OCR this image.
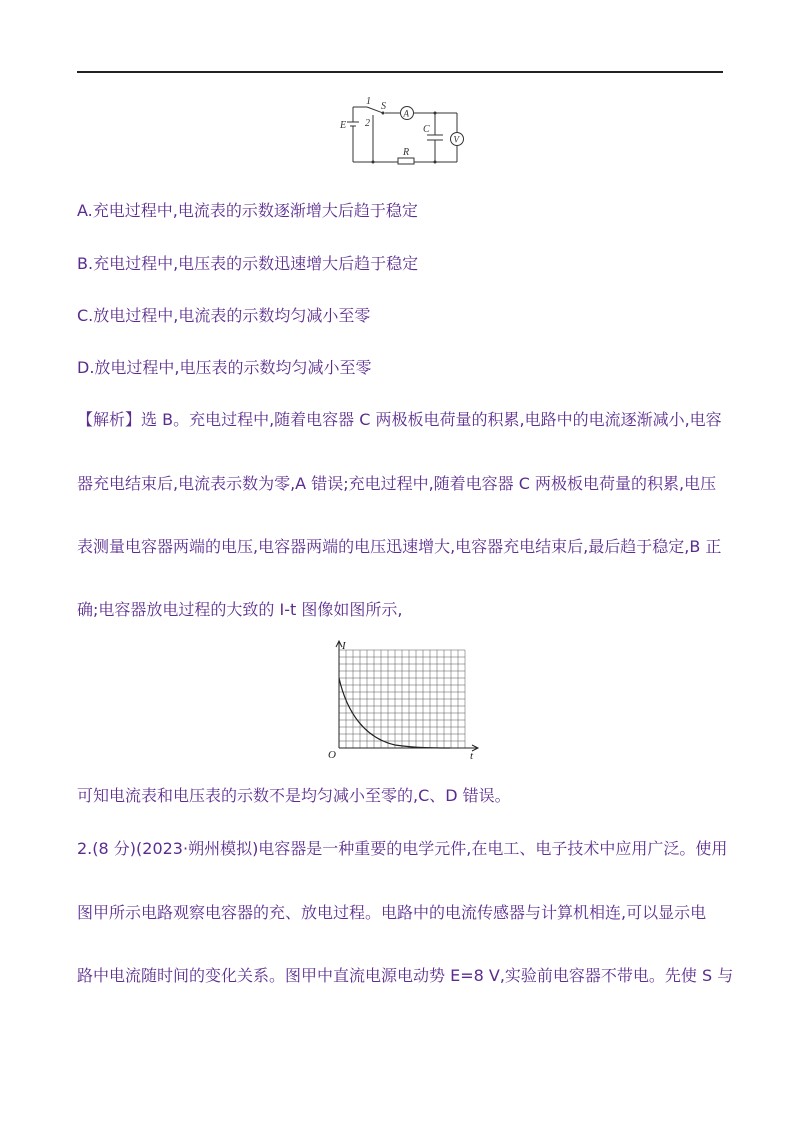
1
2
S
E	C
R
A
V
A.充电过程中,电流表的示数逐渐增大后趋于稳定
B.充电过程中,电压表的示数迅速增大后趋于稳定
C.放电过程中,电流表的示数均匀减小至零
D.放电过程中,电压表的示数均匀减小至零
【解析】选 B。充电过程中,随着电容器 C 两极板电荷量的积累,电路中的电流逐渐减小,电容
器充电结束后,电流表示数为零,A 错误;充电过程中,随着电容器 C 两极板电荷量的积累,电压
表测量电容器两端的电压,电容器两端的电压迅速增大,电容器充电结束后,最后趋于稳定,B 正
确;电容器放电过程的大致的 I-t 图像如图所示,
I
t
O
可知电流表和电压表的示数不是均匀减小至零的,C、D 错误。
2.(8 分)(2023·朔州模拟)电容器是一种重要的电学元件,在电工、电子技术中应用广泛。使用
图甲所示电路观察电容器的充、放电过程。电路中的电流传感器与计算机相连,可以显示电
路中电流随时间的变化关系。图甲中直流电源电动势 E=8 V,实验前电容器不带电。先使 S 与
